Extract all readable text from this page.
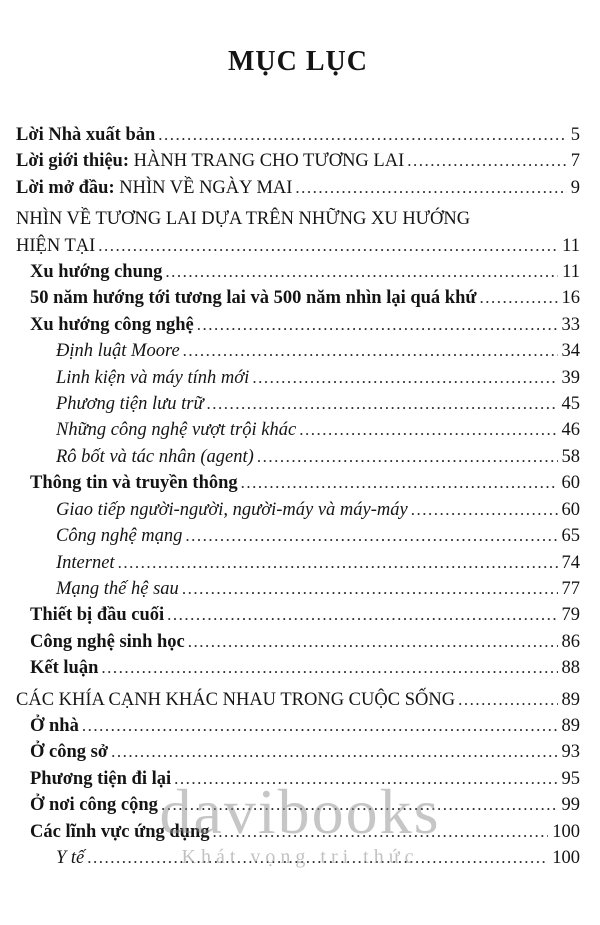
MỤC LỤC
Lời Nhà xuất bản .....	5
Lời giới thiệu: HÀNH TRANG CHO TƯƠNG LAI .....	7
Lời mở đầu: NHÌN VỀ NGÀY MAI .....	9
NHÌN VỀ TƯƠNG LAI DỰA TRÊN NHỮNG XU HƯỚNG
HIỆN TẠI .....	11
Xu hướng chung .....	11
50 năm hướng tới tương lai và 500 năm nhìn lại quá khứ .....	16
Xu hướng công nghệ .....	33
Định luật Moore .....	34
Linh kiện và máy tính mới .....	39
Phương tiện lưu trữ .....	45
Những công nghệ vượt trội khác .....	46
Rô bốt và tác nhân (agent) .....	58
Thông tin và truyền thông .....	60
Giao tiếp người-người, người-máy và máy-máy .....	60
Công nghệ mạng .....	65
Internet .....	74
Mạng thế hệ sau .....	77
Thiết bị đầu cuối .....	79
Công nghệ sinh học .....	86
Kết luận .....	88
CÁC KHÍA CẠNH KHÁC NHAU TRONG CUỘC SỐNG .....	89
Ở nhà .....	89
Ở công sở .....	93
Phương tiện đi lại .....	95
Ở nơi công cộng .....	99
Các lĩnh vực ứng dụng .....	100
Y tế .....	100
davibooks
Khát vọng tri thức
